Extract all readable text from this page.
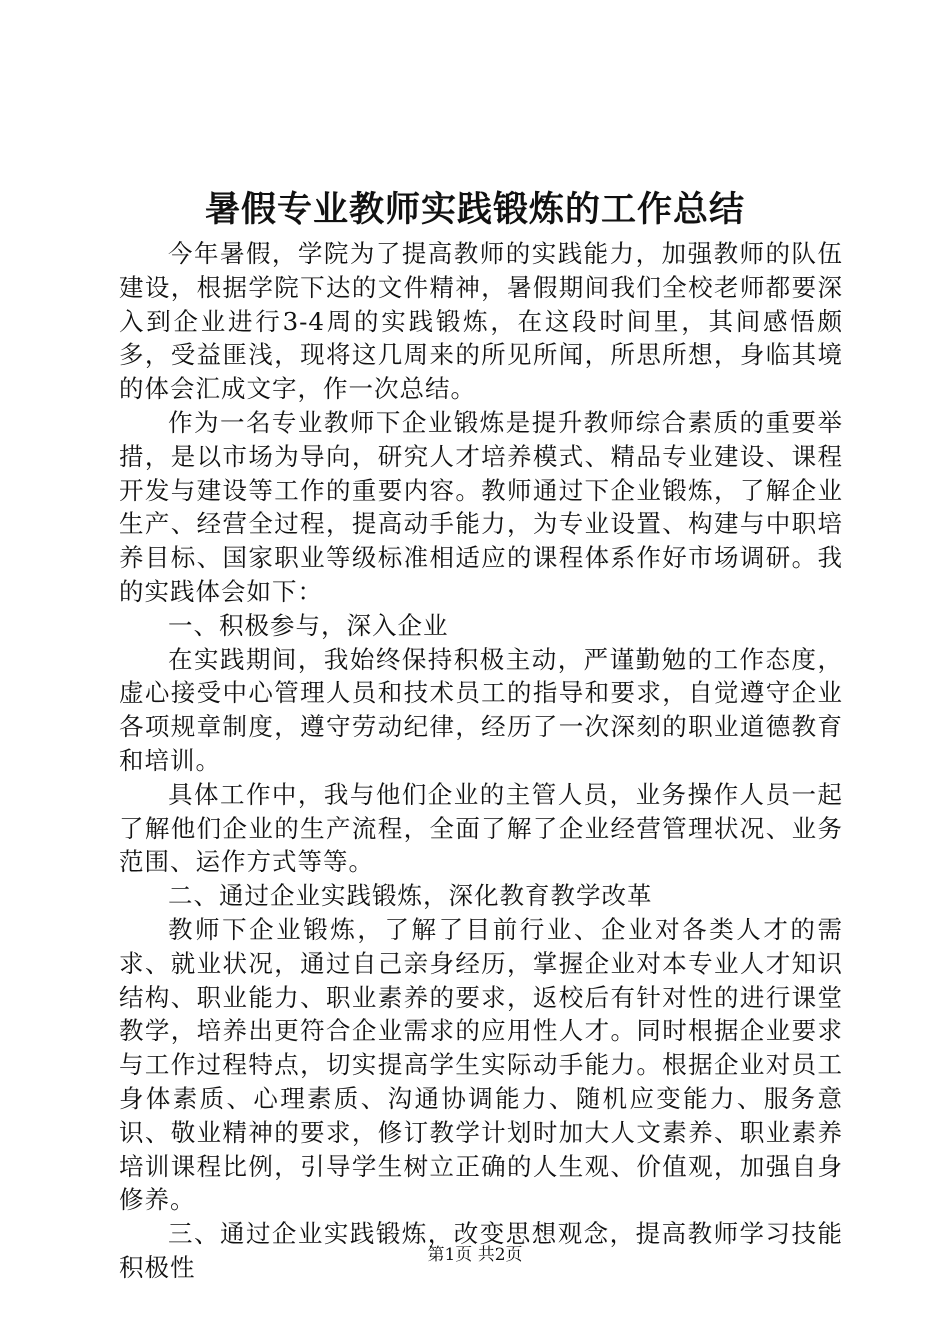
暑假专业教师实践锻炼的工作总结

今年暑假，学院为了提高教师的实践能力，加强教师的队伍建设，根据学院下达的文件精神，暑假期间我们全校老师都要深入到企业进行3-4周的实践锻炼，在这段时间里，其间感悟颇多，受益匪浅，现将这几周来的所见所闻，所思所想，身临其境的体会汇成文字，作一次总结。

作为一名专业教师下企业锻炼是提升教师综合素质的重要举措，是以市场为导向，研究人才培养模式、精品专业建设、课程开发与建设等工作的重要内容。教师通过下企业锻炼，了解企业生产、经营全过程，提高动手能力，为专业设置、构建与中职培养目标、国家职业等级标准相适应的课程体系作好市场调研。我的实践体会如下：

一、积极参与，深入企业

在实践期间，我始终保持积极主动，严谨勤勉的工作态度，虚心接受中心管理人员和技术员工的指导和要求，自觉遵守企业各项规章制度，遵守劳动纪律，经历了一次深刻的职业道德教育和培训。

具体工作中，我与他们企业的主管人员，业务操作人员一起了解他们企业的生产流程，全面了解了企业经营管理状况、业务范围、运作方式等等。

二、通过企业实践锻炼，深化教育教学改革

教师下企业锻炼，了解了目前行业、企业对各类人才的需求、就业状况，通过自己亲身经历，掌握企业对本专业人才知识结构、职业能力、职业素养的要求，返校后有针对性的进行课堂教学，培养出更符合企业需求的应用性人才。同时根据企业要求与工作过程特点，切实提高学生实际动手能力。根据企业对员工身体素质、心理素质、沟通协调能力、随机应变能力、服务意识、敬业精神的要求，修订教学计划时加大人文素养、职业素养培训课程比例，引导学生树立正确的人生观、价值观，加强自身修养。

三、通过企业实践锻炼，改变思想观念，提高教师学习技能积极性	第1页 共2页
